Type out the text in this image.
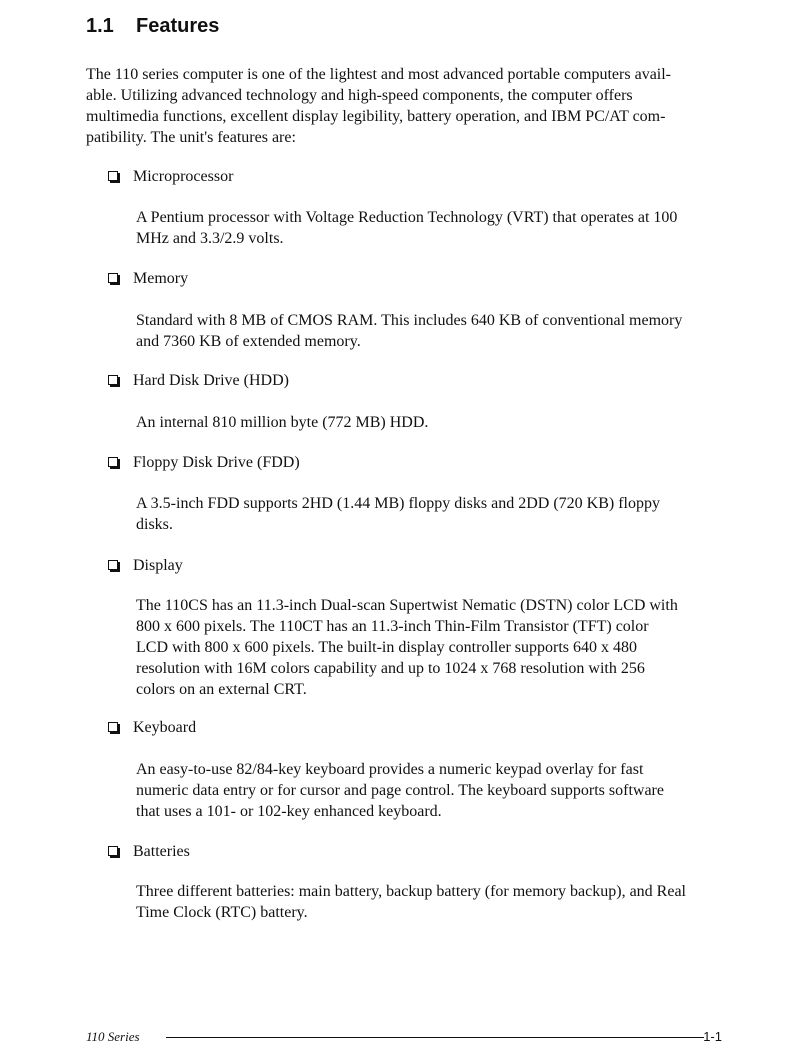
1.1 Features

The 110 series computer is one of the lightest and most advanced portable computers avail-
able. Utilizing advanced technology and high-speed components, the computer offers
multimedia functions, excellent display legibility, battery operation, and IBM PC/AT com-
patibility. The unit's features are:

Microprocessor
A Pentium processor with Voltage Reduction Technology (VRT) that operates at 100
MHz and 3.3/2.9 volts.
Memory
Standard with 8 MB of CMOS RAM. This includes 640 KB of conventional memory
and 7360 KB of extended memory.
Hard Disk Drive (HDD)
An internal 810 million byte (772 MB) HDD.
Floppy Disk Drive (FDD)
A 3.5-inch FDD supports 2HD (1.44 MB) floppy disks and 2DD (720 KB) floppy
disks.
Display
The 110CS has an 11.3-inch Dual-scan Supertwist Nematic (DSTN) color LCD with
800 x 600 pixels. The 110CT has an 11.3-inch Thin-Film Transistor (TFT) color
LCD with 800 x 600 pixels. The built-in display controller supports 640 x 480
resolution with 16M colors capability and up to 1024 x 768 resolution with 256
colors on an external CRT.
Keyboard
An easy-to-use 82/84-key keyboard provides a numeric keypad overlay for fast
numeric data entry or for cursor and page control. The keyboard supports software
that uses a 101- or 102-key enhanced keyboard.
Batteries
Three different batteries: main battery, backup battery (for memory backup), and Real
Time Clock (RTC) battery.
110 Series	1-1
